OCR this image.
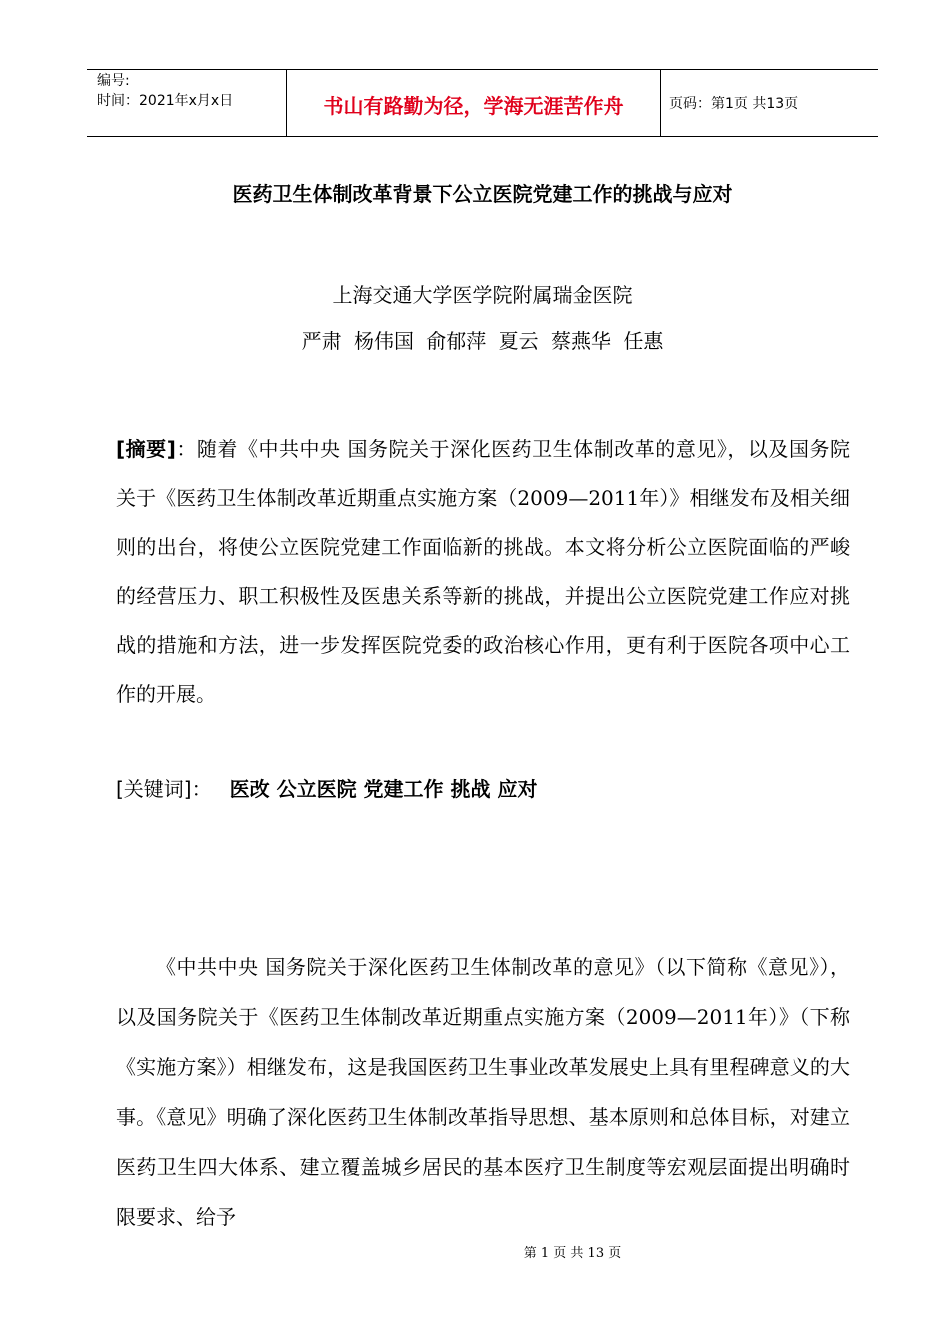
编号:
时间：2021年x月x日	书山有路勤为径，学海无涯苦作舟	页码：第1页 共13页
医药卫生体制改革背景下公立医院党建工作的挑战与应对
上海交通大学医学院附属瑞金医院
严肃 杨伟国 俞郁萍 夏云 蔡燕华 任惠
[摘要]：随着《中共中央 国务院关于深化医药卫生体制改革的意见》，以及国务院关于《医药卫生体制改革近期重点实施方案（2009—2011年）》相继发布及相关细则的出台，将使公立医院党建工作面临新的挑战。本文将分析公立医院面临的严峻的经营压力、职工积极性及医患关系等新的挑战，并提出公立医院党建工作应对挑战的措施和方法，进一步发挥医院党委的政治核心作用，更有利于医院各项中心工作的开展。
[关键词]： 医改 公立医院 党建工作 挑战 应对
《中共中央 国务院关于深化医药卫生体制改革的意见》（以下简称《意见》），以及国务院关于《医药卫生体制改革近期重点实施方案（2009—2011年）》（下称《实施方案》）相继发布，这是我国医药卫生事业改革发展史上具有里程碑意义的大事。《意见》明确了深化医药卫生体制改革指导思想、基本原则和总体目标，对建立医药卫生四大体系、建立覆盖城乡居民的基本医疗卫生制度等宏观层面提出明确时限要求、给予
第 1 页 共 13 页
